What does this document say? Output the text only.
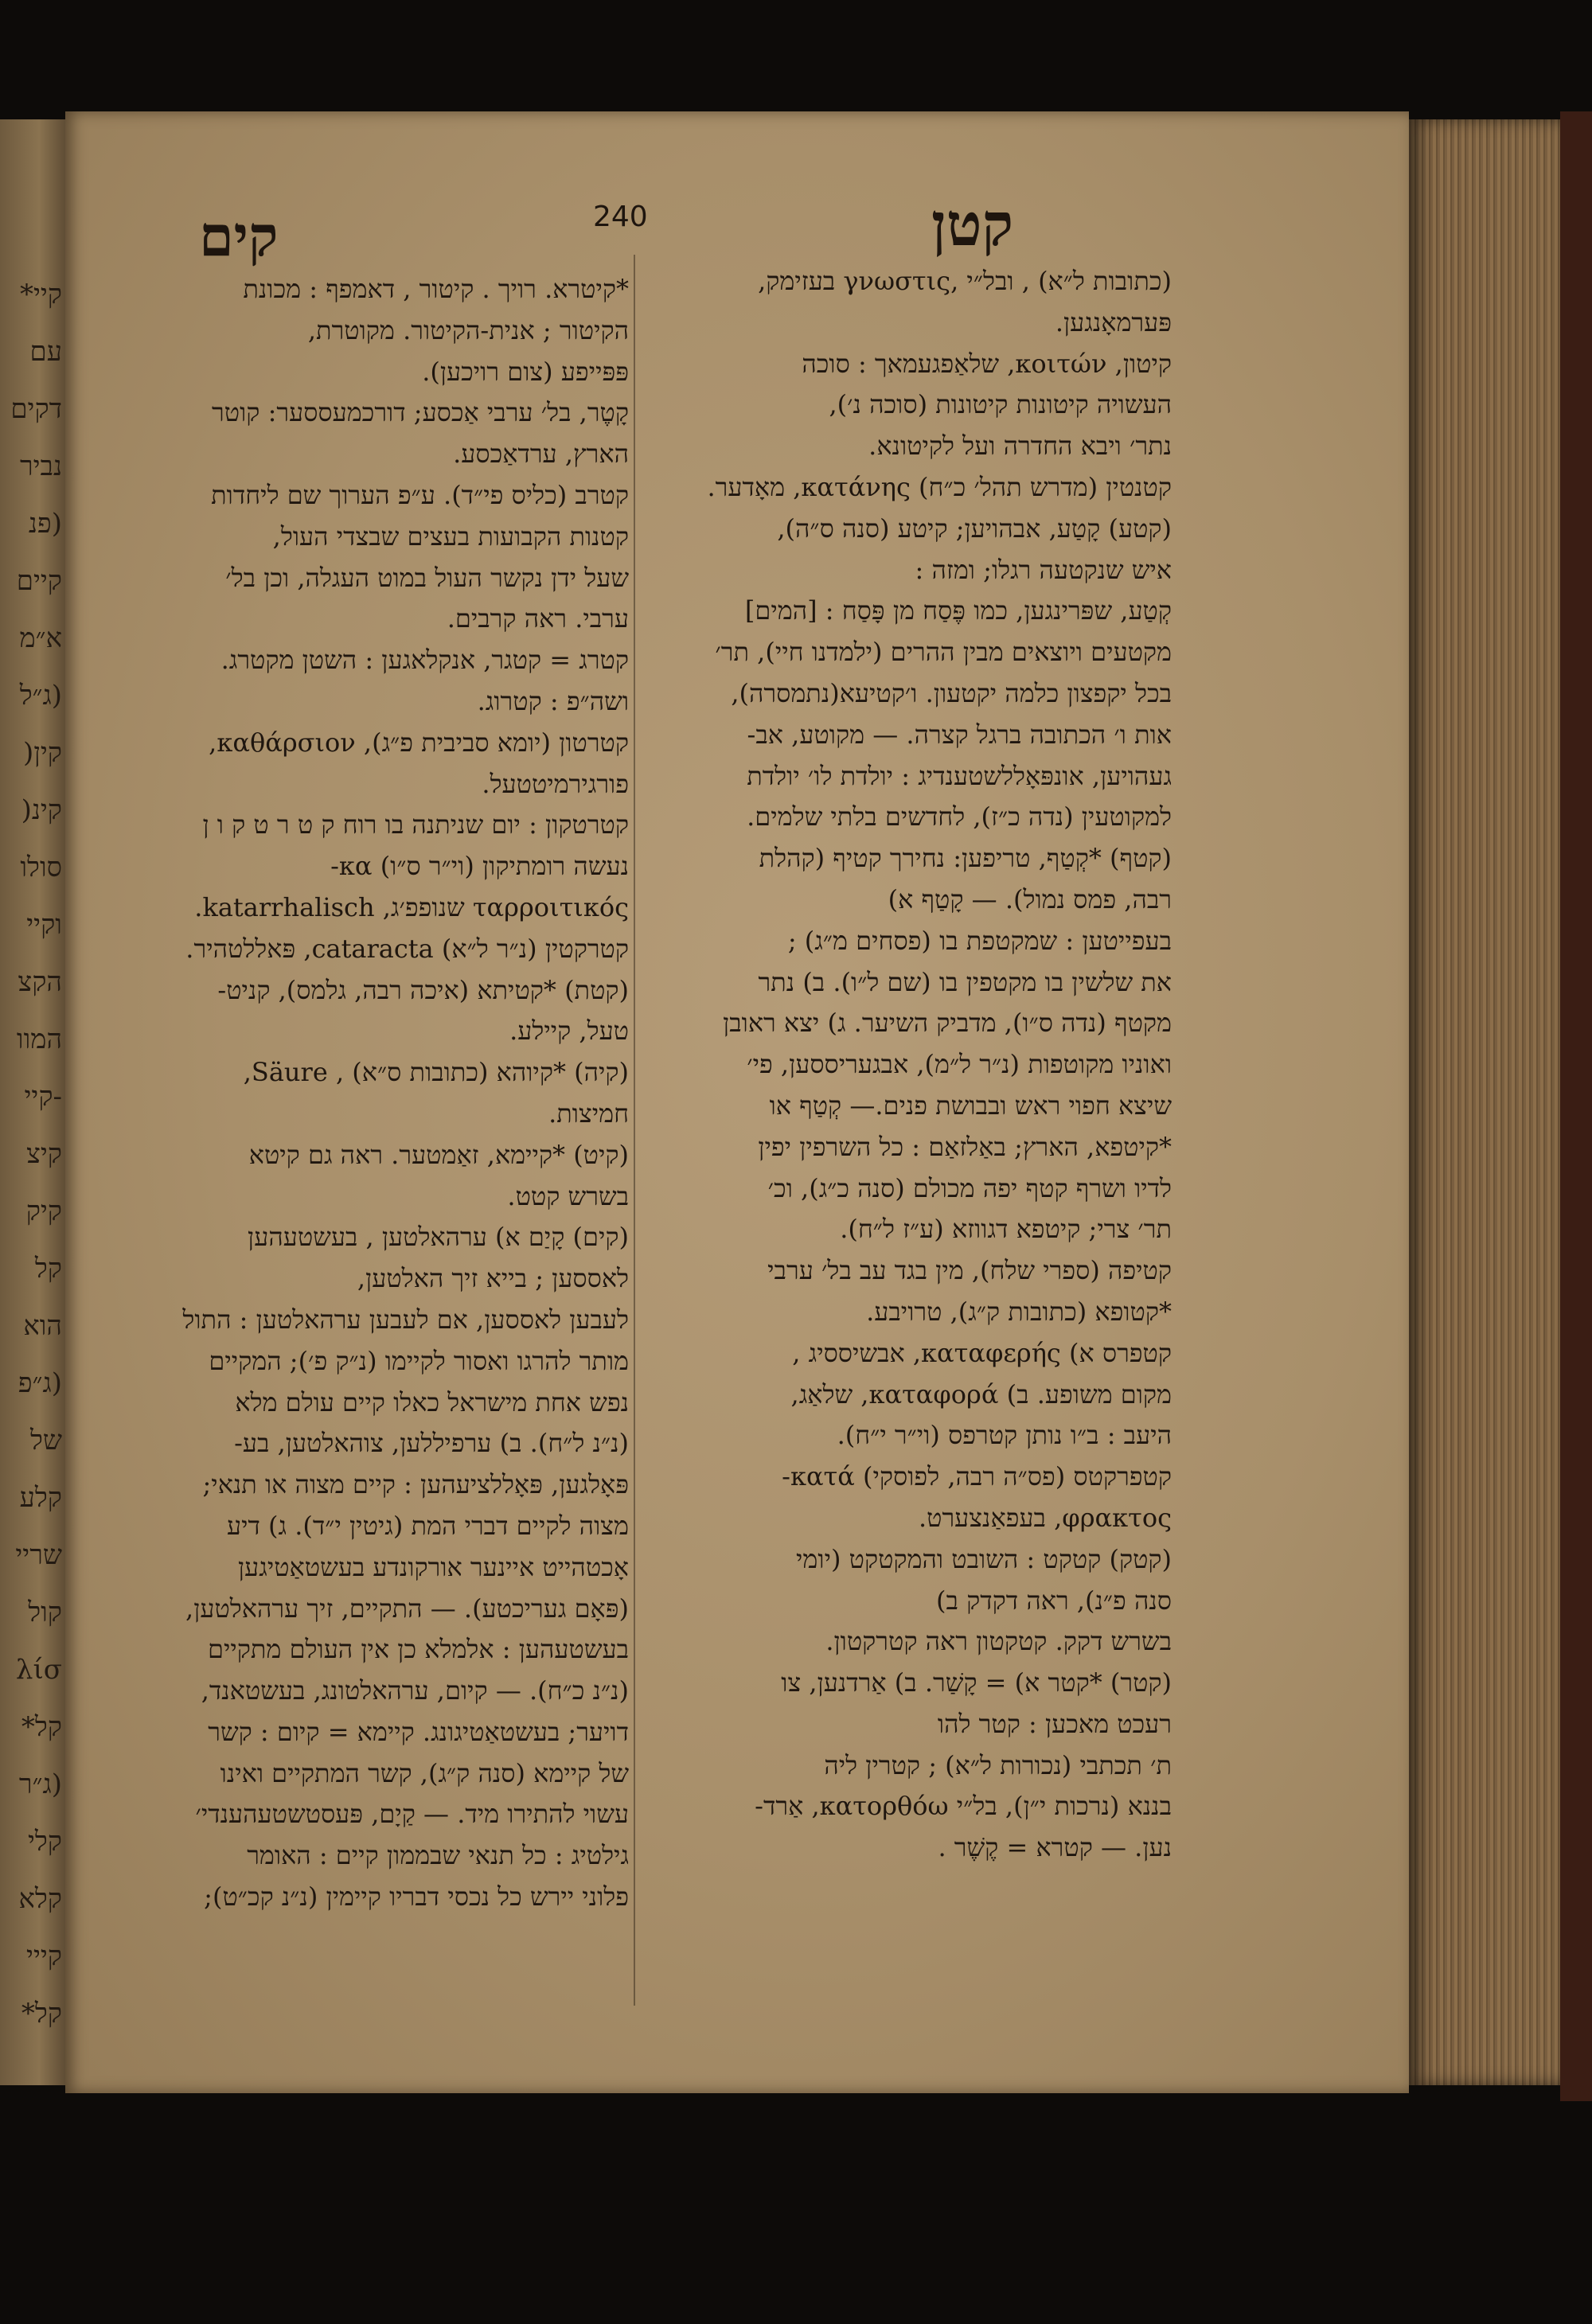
קיי*
עם
דקים
נביר
(פנ
קיים
א״מ
(ג״ל
קין(
קינ(
סולו
וקיי
הקצ
המוו
-קיי
קיצ
קיק
קל
הוא
(ג״פ
של
קלע
שריי
קול
λίσ
קל*
(ג״ר
קלי
קלא
קייי
קל*
קטן
240
קים
(כתובות ל״א) , ובל״י ,γνωστις בעזימק,
פּערמאָנגען.
קיטון, κοιτών, שלאַפגעמאך : סוכה
העשויה קיטונות קיטונות (סוכה נ׳),
נתר׳ ויבא החדרה ועל לקיטונא.
קטנטין (מדרש תהל׳ כ״ח) κατάνης, מאָדער.
(קטע) קָטַע, אבהויען; קיטע (סנה ס״ה),
איש שנקטעה רגלו; ומזה :
קְטַע, שפּרינגען, כמו פֶּסַח מן פָּסַח : [המים]
מקטעים ויוצאים מבין ההרים (ילמדנו חיי), תר׳
בכל יקפצון כלמה יקטעון. ו׳קטיעא(נתמסרה),
אות ו׳ הכתובה ברגל קצרה. — מקוטע, אב-
געהויען, אונפּאָללשטענדיג : יולדת לו׳ יולדת
למקוטעין (נדה כ״ז), לחדשים בלתי שלמים.
(קטף) *קְטַף, טריפען: נחירך קטיף (קהלת
רבה, פמס נמול). — קָטַף א)
בעפייטען : שמקטפת בו (פסחים מ״ג) ;
את שלשין בו מקטפין בו (שם ל״ו). ב) נתר
מקטף (נדה ס״ו), מדביק השיער. ג) יצא ראובן
ואוניו מקוטפות (נ״ר ל״מ), אבגעריססען, פי׳
שיצא חפוי ראש ובבושת פנים.— קְטַף או
*קיטפא, הארץ; באַלזאַם : כל השרפין יפין
לדיו ושרף קטף יפה מכולם (סנה כ״ג), וכ׳
תר׳ צרי; קיטפא דגווזא (ע״ז ל״ח).
קטיפה (ספרי שלח), מין בגד עב בל׳ ערבי
*קטופא (כתובות ק״ג), טרויבע.
קטפרס א) καταφερής, אבשיססיג ,
מקום משופע. ב) καταφορά, שלאַג,
היעב : ב״ו נותן קטרפס (וי״ר י״ח).
קטפרקטס (פס״ה רבה, לפוסקי) κατά-
φρακτος, בעפאַנצערט.
(קטק) קטקט : השובט והמקטקט (יומי
סנה פ״נ), ראה דקדק ב)
בשרש דקק. קטקטון ראה קטרקטון.
(קטר) *קטר א) = קָשַׁר. ב) אַרדנען, צו
רעכט מאכען : קטר להו
ת׳ תכתבי (נכורות ל״א) ; קטרין ליה
בננא (נרכות י״ן), בל״י κατορθόω, אַרד-
נען. — קטרא = קֶשֶׁר .
*קיטרא. רויך . קיטור , דאמפף : מכונת
הקיטור ; אנית-הקיטור. מקוטרת,
פּפּייפע (צום רויכען).
קָטֶר, בל׳ ערבי אַכסע; דורכמעססער: קוטר
הארץ, ערדאַכסע.
קטרב (כליס פי״ד). ע״פ הערוך שם ליחדות
קטנות הקבועות בעצים שבצדי העול,
שעל ידן נקשר העול במוט העגלה, וכן בל׳
ערבי. ראה קרבים.
קטרג = קטגר, אנקלאגען : השטן מקטרג.
ושה״פ : קטרוג.
קטרטון (יומא סביבית פ״ג), καθάρσιον,
פורגירמיטטעל.
קטרטקון : יום שניתנה בו רוח ק ט ר ט ק ו ן
נעשה רומתיקון (וי״ר ס״ו) κα-
ταρροιτικός שנופפ׳ג, katarrhalisch.
קטרקטין (נ״ר ל״א) cataracta, פּאללטהיר.
(קטת) *קטיתא (איכה רבה, גלמס), קניט-
טעל, קיילע.
(קיה) *קיוהא (כתובות ס״א) , Säure,
חמיצות.
(קיט) *קיימא, זאַמטער. ראה גם קיטא
בשרש קטט.
(קים) קָיַם א) ערהאלטען , בעשטעהען
לאססען ; בייא זיך האלטען,
לעבען לאססען, אם לעבען ערהאלטען : התול
מותר להרגו ואסור לקיימו (נ״ק פ׳); המקיים
נפש אחת מישראל כאלו קיים עולם מלא
(נ״נ ל״ח). ב) ערפיללען, צוהאלטען, בע-
פּאָלגען, פּאָללציעהען : קיים מצוה או תנאי;
מצוה לקיים דברי המת (גיטין י״ד). ג) דיע
אָכטהייט איינער אורקונדע בעשטאַטיגען
(פּאָם געריכטע). — התקיים, זיך ערהאלטען,
בעשטעהען : אלמלא כן אין העולם מתקיים
(נ״נ כ״ח). — קיום, ערהאלטונג, בעשטאנד,
דויער; בעשטאַטיגונג. קיימא = קיום : קשר
של קיימא (סנה ק״ג), קשר המתקיים ואינו
עשוי להתירו מיד. — קַיָם, פּעסטשטעהענדי׳
גילטיג : כל תנאי שבממון קיים : האומר
פלוני יירש כל נכסי דבריו קיימין (נ״נ קכ״ט);
